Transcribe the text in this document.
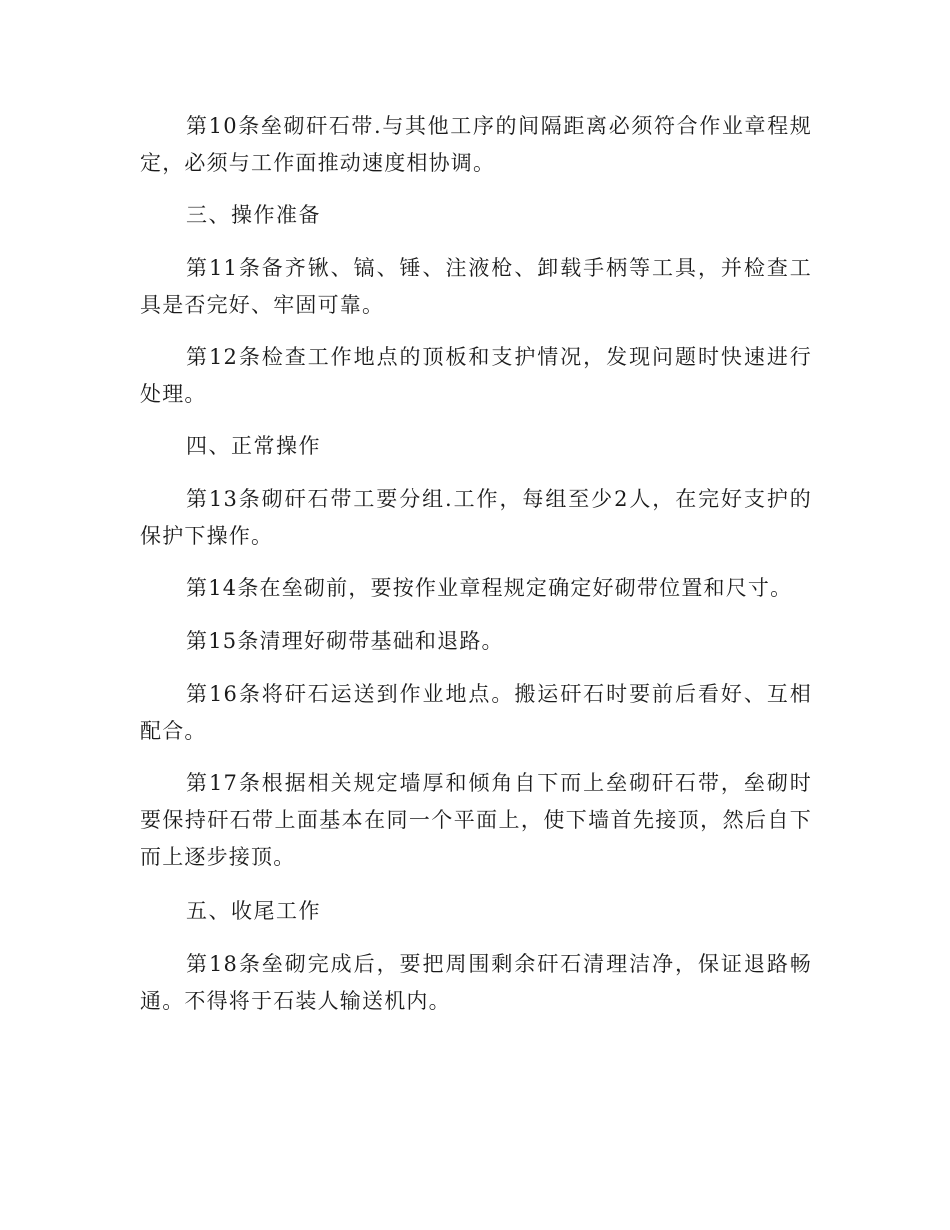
第10条垒砌矸石带.与其他工序的间隔距离必须符合作业章程规定，必须与工作面推动速度相协调。

三、操作准备

第11条备齐锹、镐、锤、注液枪、卸载手柄等工具，并检查工具是否完好、牢固可靠。

第12条检查工作地点的顶板和支护情况，发现问题时快速进行处理。

四、正常操作

第13条砌矸石带工要分组.工作，每组至少2人，在完好支护的保护下操作。

第14条在垒砌前，要按作业章程规定确定好砌带位置和尺寸。

第15条清理好砌带基础和退路。

第16条将矸石运送到作业地点。搬运矸石时要前后看好、互相配合。

第17条根据相关规定墙厚和倾角自下而上垒砌矸石带，垒砌时要保持矸石带上面基本在同一个平面上，使下墙首先接顶，然后自下而上逐步接顶。

五、收尾工作

第18条垒砌完成后，要把周围剩余矸石清理洁净，保证退路畅通。不得将于石装人输送机内。
